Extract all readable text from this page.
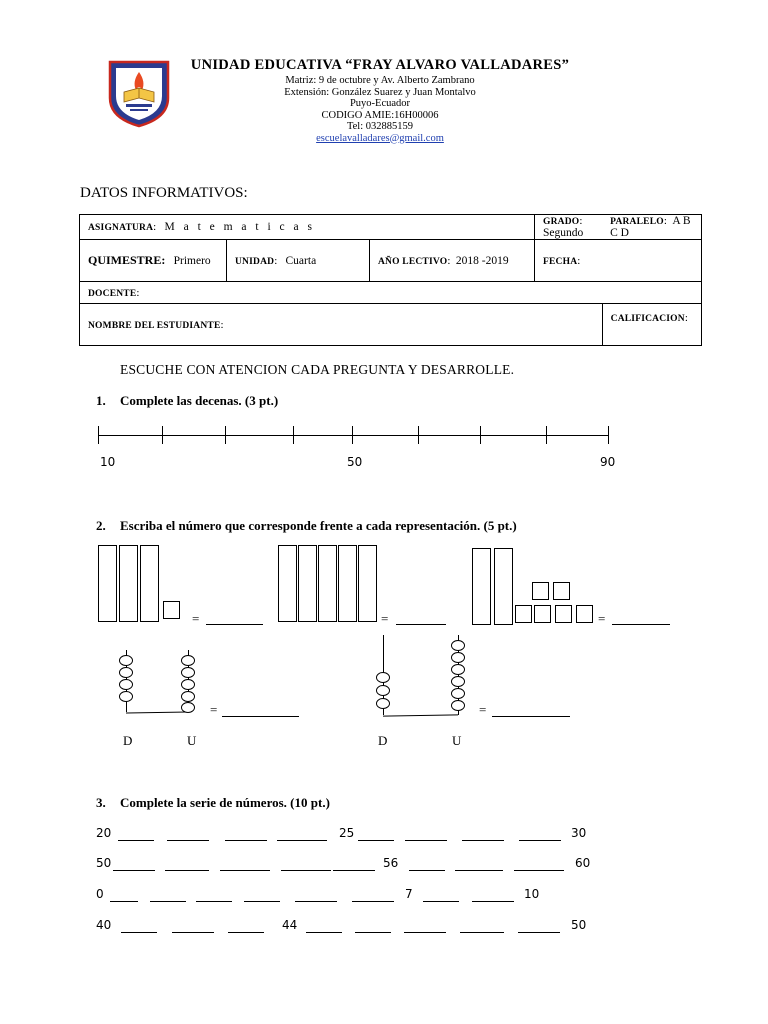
UNIDAD EDUCATIVA “FRAY ALVARO VALLADARES”
Matriz: 9 de octubre y Av. Alberto Zambrano
Extensión: González Suarez y Juan Montalvo
Puyo-Ecuador
CODIGO AMIE:16H00006
Tel: 032885159
escuelavalladares@gmail.com
DATOS INFORMATIVOS:
ASIGNATURA:   M a t e m a t i c a s			GRADO:  Segundo	PARALELO:  A B C D
QUIMESTRE: Primero	UNIDAD:   Cuarta	AÑO LECTIVO:  2018 -2019	FECHA:	
DOCENTE:				
NOMBRE DEL ESTUDIANTE:				CALIFICACION:
ESCUCHE CON ATENCION CADA PREGUNTA Y DESARROLLE.
1. Complete las decenas. (3 pt.)
10	50	90
2. Escriba el número que corresponde frente a cada representación. (5 pt.)
=	=	=
=
D	U
=
D	U
3. Complete la serie de números. (10 pt.)
20	25	30
50	56	60
0	7	10
40	44	50
